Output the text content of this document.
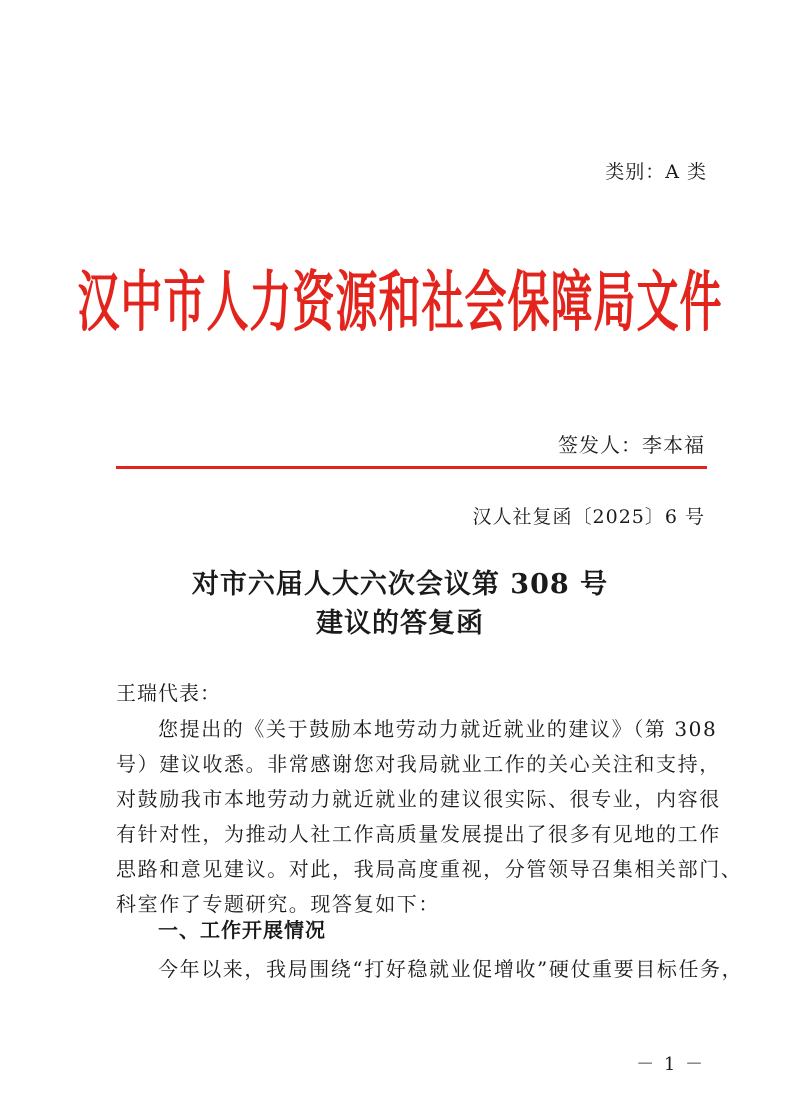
类别：A 类
汉中市人力资源和社会保障局文件
签发人：李本福
汉人社复函〔2025〕6 号
对市六届人大六次会议第 308 号
建议的答复函
王瑞代表：
您提出的《关于鼓励本地劳动力就近就业的建议》（第 308
号）建议收悉。非常感谢您对我局就业工作的关心关注和支持，
对鼓励我市本地劳动力就近就业的建议很实际、很专业，内容很
有针对性，为推动人社工作高质量发展提出了很多有见地的工作
思路和意见建议。对此，我局高度重视，分管领导召集相关部门、
科室作了专题研究。现答复如下：
一、工作开展情况
今年以来，我局围绕“打好稳就业促增收”硬仗重要目标任务，
－ 1 －
